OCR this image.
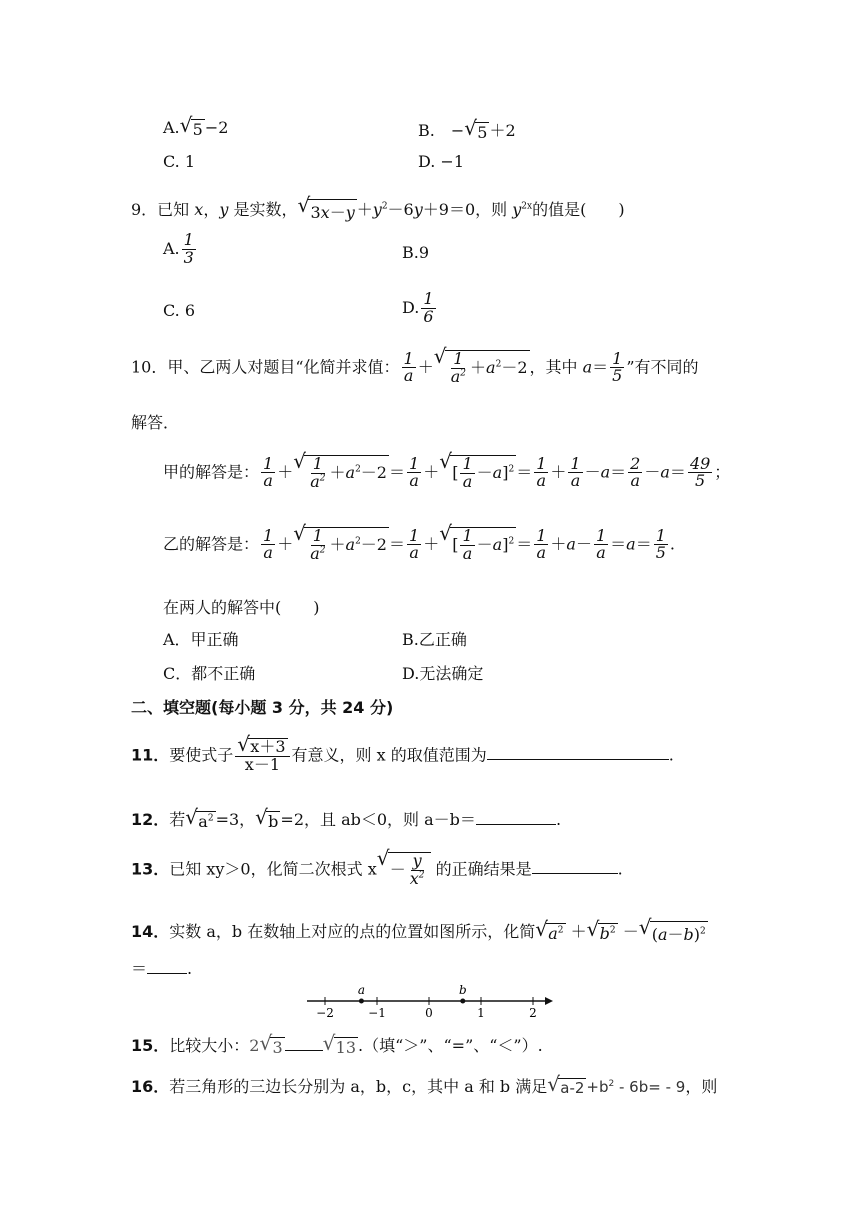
A. √ 5 −2	B.　− √ 5 ＋2
C. 1	D. −1
9．已知 x，y 是实数， √ $3x-y +y^2-6y+9=0$，则 $y^{2x}$的值是(　　)
A. $\frac{1}{3}$	B.9
C. 6	D. $\frac{1}{6}$
10．甲、乙两人对题目“化简并求值： $\frac{1}{a}$ ＋ √ $\frac{1}{a^2} +a^2-2$ ，其中 $a= \frac{1}{5}$ ”有不同的
解答．
甲的解答是： $\frac{1}{a}$ ＋ √ $\frac{1}{a^2} +a^2-2 = \frac{1}{a}$ ＋ √ [ $\frac{1}{a} -a]^2 = \frac{1}{a} + \frac{1}{a} -a= \frac{2}{a} -a= \frac{49}{5}$ ；
乙的解答是： $\frac{1}{a}$ ＋ √ $\frac{1}{a^2} +a^2-2 = \frac{1}{a}$ ＋ √ [ $\frac{1}{a} -a]^2 = \frac{1}{a} +a- \frac{1}{a} =a= \frac{1}{5}$ .
在两人的解答中(　　)
A．甲正确	B.乙正确
C．都不正确	D.无法确定
二、填空题(每小题 3 分，共 24 分)
11．要使式子 $\frac{√ x+3}{x-1}$ 有意义，则 x 的取值范围为	.
12．若 √ $a^2 =3$， √ b =2，且 ab＜0，则 a－b＝	.
13．已知 xy＞0，化简二次根式 x √ － $\frac{y}{x^2}$ 的正确结果是	.
14．实数 a，b 在数轴上对应的点的位置如图所示，化简 √ $a^2$ ＋ √ $b^2$ － √ $(a-b)^2$
＝	.
−2	−1	0	1	2
a	b
15．比较大小：2 √ 3 √ 13 .（填“＞”、“=”、“＜”）.
16．若三角形的三边长分别为 a，b，c，其中 a 和 b 满足 √ $a-2 +b^2 - 6b= - 9$，则
